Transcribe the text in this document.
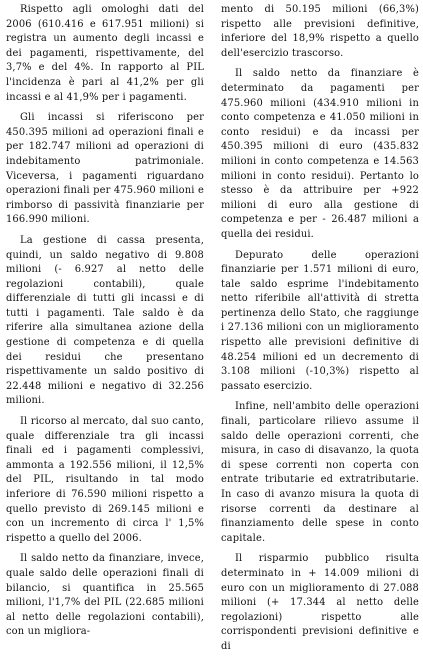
Rispetto agli omologhi dati del 2006 (610.416 e 617.951 milioni) si registra un aumento degli incassi e dei pagamenti, rispettivamente, del 3,7% e del 4%. In rapporto al PIL l'incidenza è pari al 41,2% per gli incassi e al 41,9% per i pagamenti.

Gli incassi si riferiscono per 450.395 milioni ad operazioni finali e per 182.747 milioni ad operazioni di indebitamento patrimoniale. Viceversa, i pagamenti riguardano operazioni finali per 475.960 milioni e rimborso di passività finanziarie per 166.990 milioni.

La gestione di cassa presenta, quindi, un saldo negativo di 9.808 milioni (- 6.927 al netto delle regolazioni contabili), quale differenziale di tutti gli incassi e di tutti i pagamenti. Tale saldo è da riferire alla simultanea azione della gestione di competenza e di quella dei residui che presentano rispettivamente un saldo positivo di 22.448 milioni e negativo di 32.256 milioni.

Il ricorso al mercato, dal suo canto, quale differenziale tra gli incassi finali ed i pagamenti complessivi, ammonta a 192.556 milioni, il 12,5% del PIL, risultando in tal modo inferiore di 76.590 milioni rispetto a quello previsto di 269.145 milioni e con un incremento di circa l' 1,5% rispetto a quello del 2006.

Il saldo netto da finanziare, invece, quale saldo delle operazioni finali di bilancio, si quantifica in 25.565 milioni, l'1,7% del PIL (22.685 milioni al netto delle regolazioni contabili), con un migliora-

mento di 50.195 milioni (66,3%) rispetto alle previsioni definitive, inferiore del 18,9% rispetto a quello dell'esercizio trascorso.

Il saldo netto da finanziare è determinato da pagamenti per 475.960 milioni (434.910 milioni in conto competenza e 41.050 milioni in conto residui) e da incassi per 450.395 milioni di euro (435.832 milioni in conto competenza e 14.563 milioni in conto residui). Pertanto lo stesso è da attribuire per +922 milioni di euro alla gestione di competenza e per - 26.487 milioni a quella dei residui.

Depurato delle operazioni finanziarie per 1.571 milioni di euro, tale saldo esprime l'indebitamento netto riferibile all'attività di stretta pertinenza dello Stato, che raggiunge i 27.136 milioni con un miglioramento rispetto alle previsioni definitive di 48.254 milioni ed un decremento di 3.108 milioni (-10,3%) rispetto al passato esercizio.

Infine, nell'ambito delle operazioni finali, particolare rilievo assume il saldo delle operazioni correnti, che misura, in caso di disavanzo, la quota di spese correnti non coperta con entrate tributarie ed extratributarie. In caso di avanzo misura la quota di risorse correnti da destinare al finanziamento delle spese in conto capitale.

Il risparmio pubblico risulta determinato in + 14.009 milioni di euro con un miglioramento di 27.088 milioni (+ 17.344 al netto delle regolazioni) rispetto alle corrispondenti previsioni definitive e di
